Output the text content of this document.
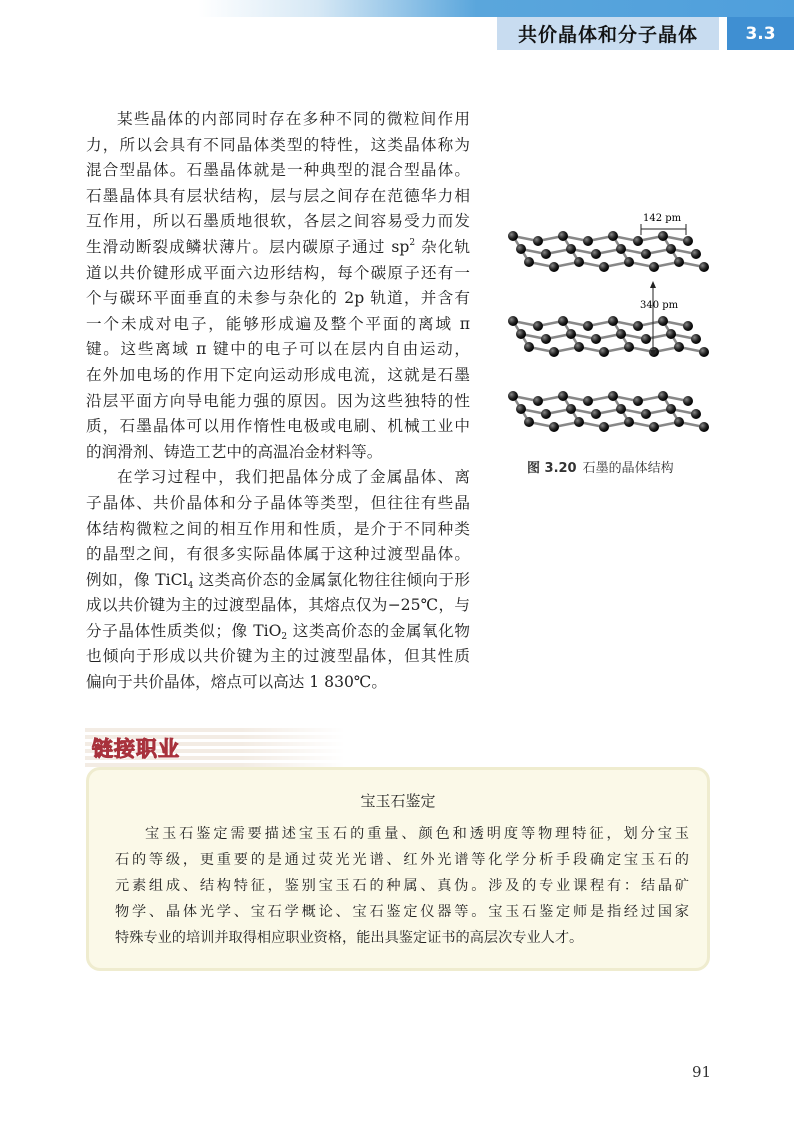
共价晶体和分子晶体	3.3
某些晶体的内部同时存在多种不同的微粒间作用
力，所以会具有不同晶体类型的特性，这类晶体称为
混合型晶体。石墨晶体就是一种典型的混合型晶体。
石墨晶体具有层状结构，层与层之间存在范德华力相
互作用，所以石墨质地很软，各层之间容易受力而发
生滑动断裂成鳞状薄片。层内碳原子通过 $sp^2$ 杂化轨
道以共价键形成平面六边形结构，每个碳原子还有一
个与碳环平面垂直的未参与杂化的 2p 轨道，并含有
一个未成对电子，能够形成遍及整个平面的离域 π
键。这些离域 π 键中的电子可以在层内自由运动，
在外加电场的作用下定向运动形成电流，这就是石墨
沿层平面方向导电能力强的原因。因为这些独特的性
质，石墨晶体可以用作惰性电极或电刷、机械工业中
的润滑剂、铸造工艺中的高温冶金材料等。
在学习过程中，我们把晶体分成了金属晶体、离
子晶体、共价晶体和分子晶体等类型，但往往有些晶
体结构微粒之间的相互作用和性质，是介于不同种类
的晶型之间，有很多实际晶体属于这种过渡型晶体。
例如，像 TiCl$_4$ 这类高价态的金属氯化物往往倾向于形
成以共价键为主的过渡型晶体，其熔点仅为−25℃，与
分子晶体性质类似；像 TiO$_2$ 这类高价态的金属氧化物
也倾向于形成以共价键为主的过渡型晶体，但其性质
偏向于共价晶体，熔点可以高达 1 830℃。
142 pm
340 pm
图 3.20 石墨的晶体结构
链接职业
宝玉石鉴定
宝玉石鉴定需要描述宝玉石的重量、颜色和透明度等物理特征，划分宝玉
石的等级，更重要的是通过荧光光谱、红外光谱等化学分析手段确定宝玉石的
元素组成、结构特征，鉴别宝玉石的种属、真伪。涉及的专业课程有：结晶矿
物学、晶体光学、宝石学概论、宝石鉴定仪器等。宝玉石鉴定师是指经过国家
特殊专业的培训并取得相应职业资格，能出具鉴定证书的高层次专业人才。
91
